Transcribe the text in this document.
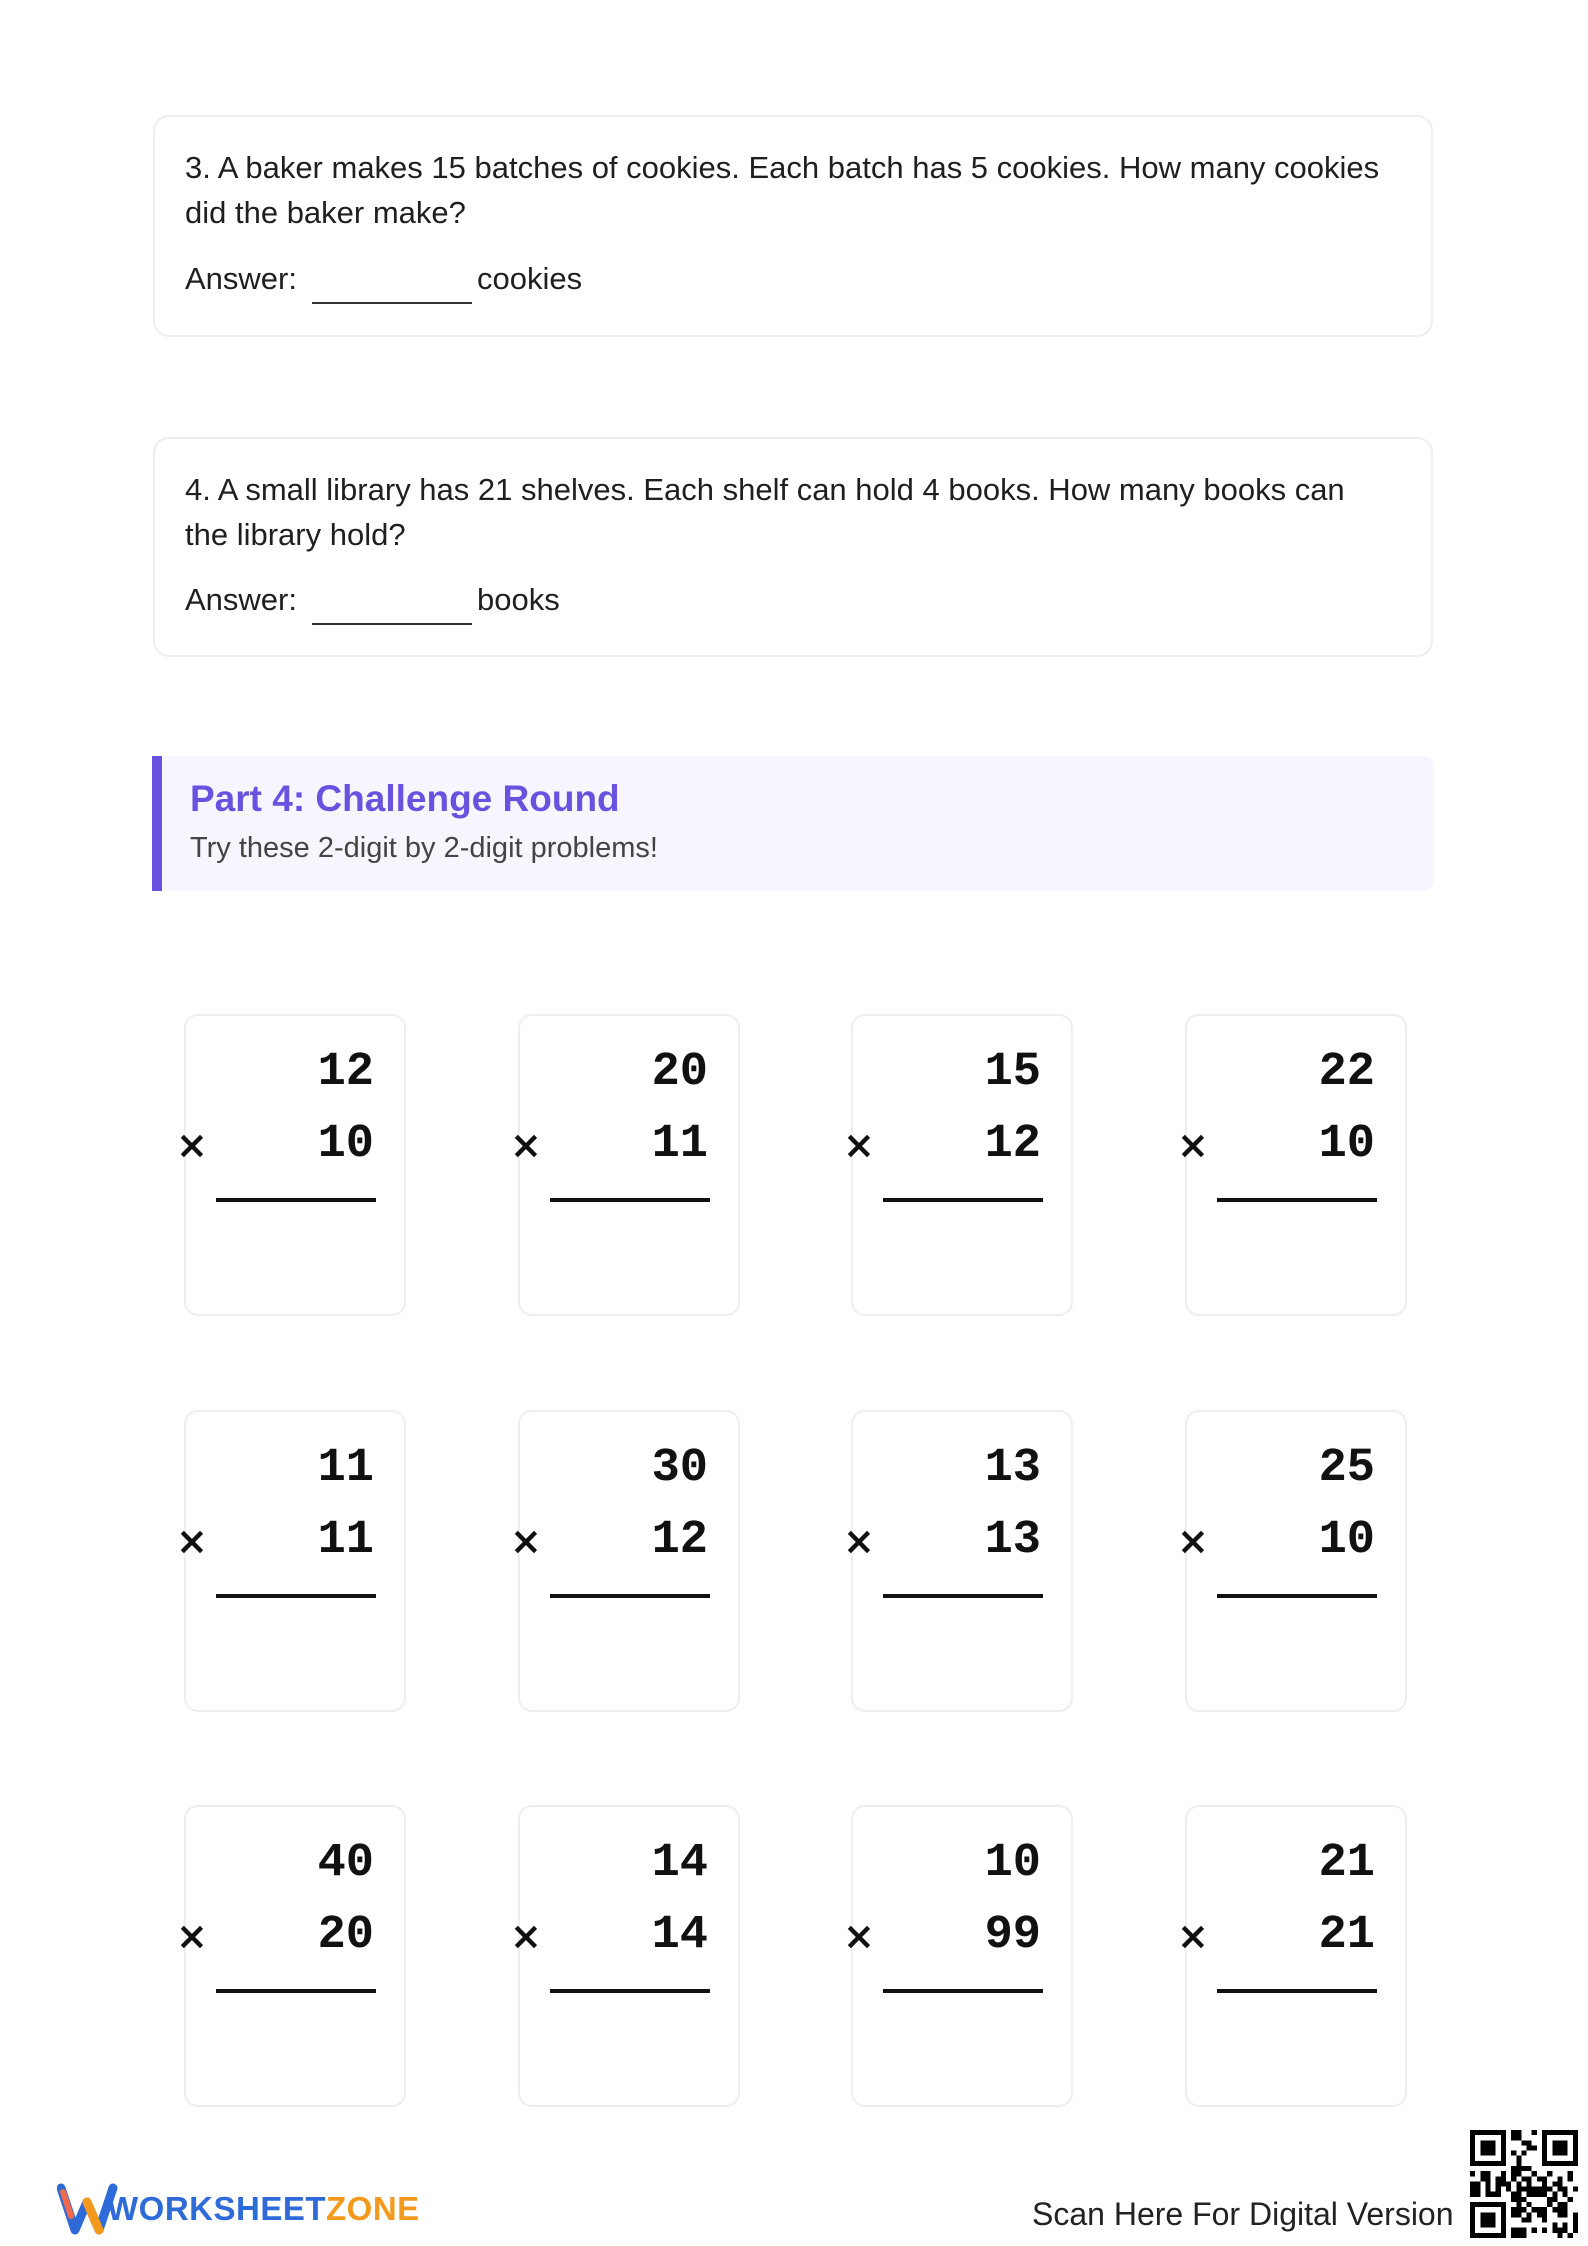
3. A baker makes 15 batches of cookies. Each batch has 5 cookies. How many cookies did the baker make?

Answer:	cookies

4. A small library has 21 shelves. Each shelf can hold 4 books. How many books can the library hold?

Answer:	books
Part 4: Challenge Round
Try these 2-digit by 2-digit problems!
12
×	10
20
×	11
15
×	12
22
×	10
11
×	11
30
×	12
13
×	13
25
×	10
40
×	20
14
×	14
10
×	99
21
×	21
WORKSHEETZONE	Scan Here For Digital Version
